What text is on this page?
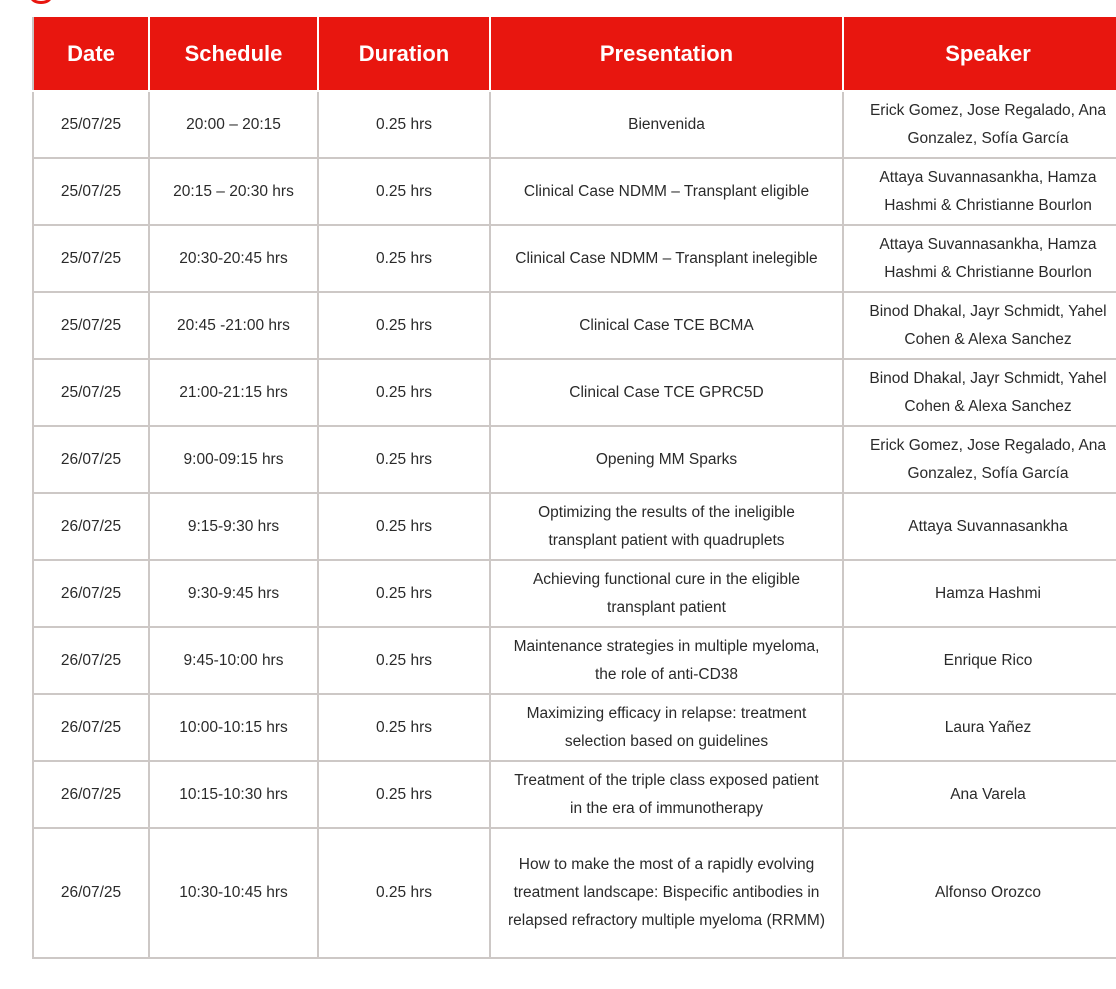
Date	Schedule	Duration	Presentation	Speaker
25/07/25	20:00 – 20:15	0.25 hrs	Bienvenida	Erick Gomez, Jose Regalado, Ana Gonzalez, Sofía García
25/07/25	20:15 – 20:30 hrs	0.25 hrs	Clinical Case NDMM – Transplant eligible	Attaya Suvannasankha, Hamza Hashmi & Christianne Bourlon
25/07/25	20:30-20:45 hrs	0.25 hrs	Clinical Case NDMM – Transplant inelegible	Attaya Suvannasankha, Hamza Hashmi & Christianne Bourlon
25/07/25	20:45 -21:00 hrs	0.25 hrs	Clinical Case TCE BCMA	Binod Dhakal, Jayr Schmidt, Yahel Cohen & Alexa Sanchez
25/07/25	21:00-21:15 hrs	0.25 hrs	Clinical Case TCE GPRC5D	Binod Dhakal, Jayr Schmidt, Yahel Cohen & Alexa Sanchez
26/07/25	9:00-09:15 hrs	0.25 hrs	Opening MM Sparks	Erick Gomez, Jose Regalado, Ana Gonzalez, Sofía García
26/07/25	9:15-9:30 hrs	0.25 hrs	Optimizing the results of the ineligible transplant patient with quadruplets	Attaya Suvannasankha
26/07/25	9:30-9:45 hrs	0.25 hrs	Achieving functional cure in the eligible transplant patient	Hamza Hashmi
26/07/25	9:45-10:00 hrs	0.25 hrs	Maintenance strategies in multiple myeloma, the role of anti-CD38	Enrique Rico
26/07/25	10:00-10:15 hrs	0.25 hrs	Maximizing efficacy in relapse: treatment selection based on guidelines	Laura Yañez
26/07/25	10:15-10:30 hrs	0.25 hrs	Treatment of the triple class exposed patient in the era of immunotherapy	Ana Varela
26/07/25	10:30-10:45 hrs	0.25 hrs	How to make the most of a rapidly evolving treatment landscape: Bispecific antibodies in relapsed refractory multiple myeloma (RRMM)	Alfonso Orozco
